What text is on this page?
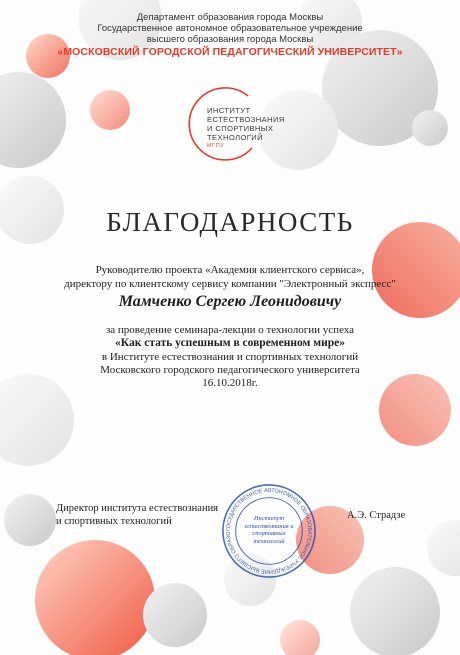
Департамент образования города Москвы

Государственное автономное образовательное учреждение

высшего образования города Москвы

«МОСКОВСКИЙ ГОРОДСКОЙ ПЕДАГОГИЧЕСКИЙ УНИВЕРСИТЕТ»

ИНСТИТУТ
ЕСТЕСТВОЗНАНИЯ
И СПОРТИВНЫХ
ТЕХНОЛОГИЙ
МГПУ

БЛАГОДАРНОСТЬ

Руководителю проекта «Академия клиентского сервиса»,

директору по клиентскому сервису компании "Электронный экспресс"

Мамченко Сергею Леонидовичу

за проведение семинара-лекции о технологии успеха

«Как стать успешным в современном мире»

в Институте естествознания и спортивных технологий

Московского городского педагогического университета

16.10.2018г.

Директор института естествознания
и спортивных технологий
А.Э. Страдзе
ГОСУДАРСТВЕННОЕ АВТОНОМНОЕ ОБРАЗОВАТЕЛЬНОЕ УЧРЕЖДЕНИЕ ВЫСШЕГО ОБРАЗО
Институт естествознания и спортивных технологий
